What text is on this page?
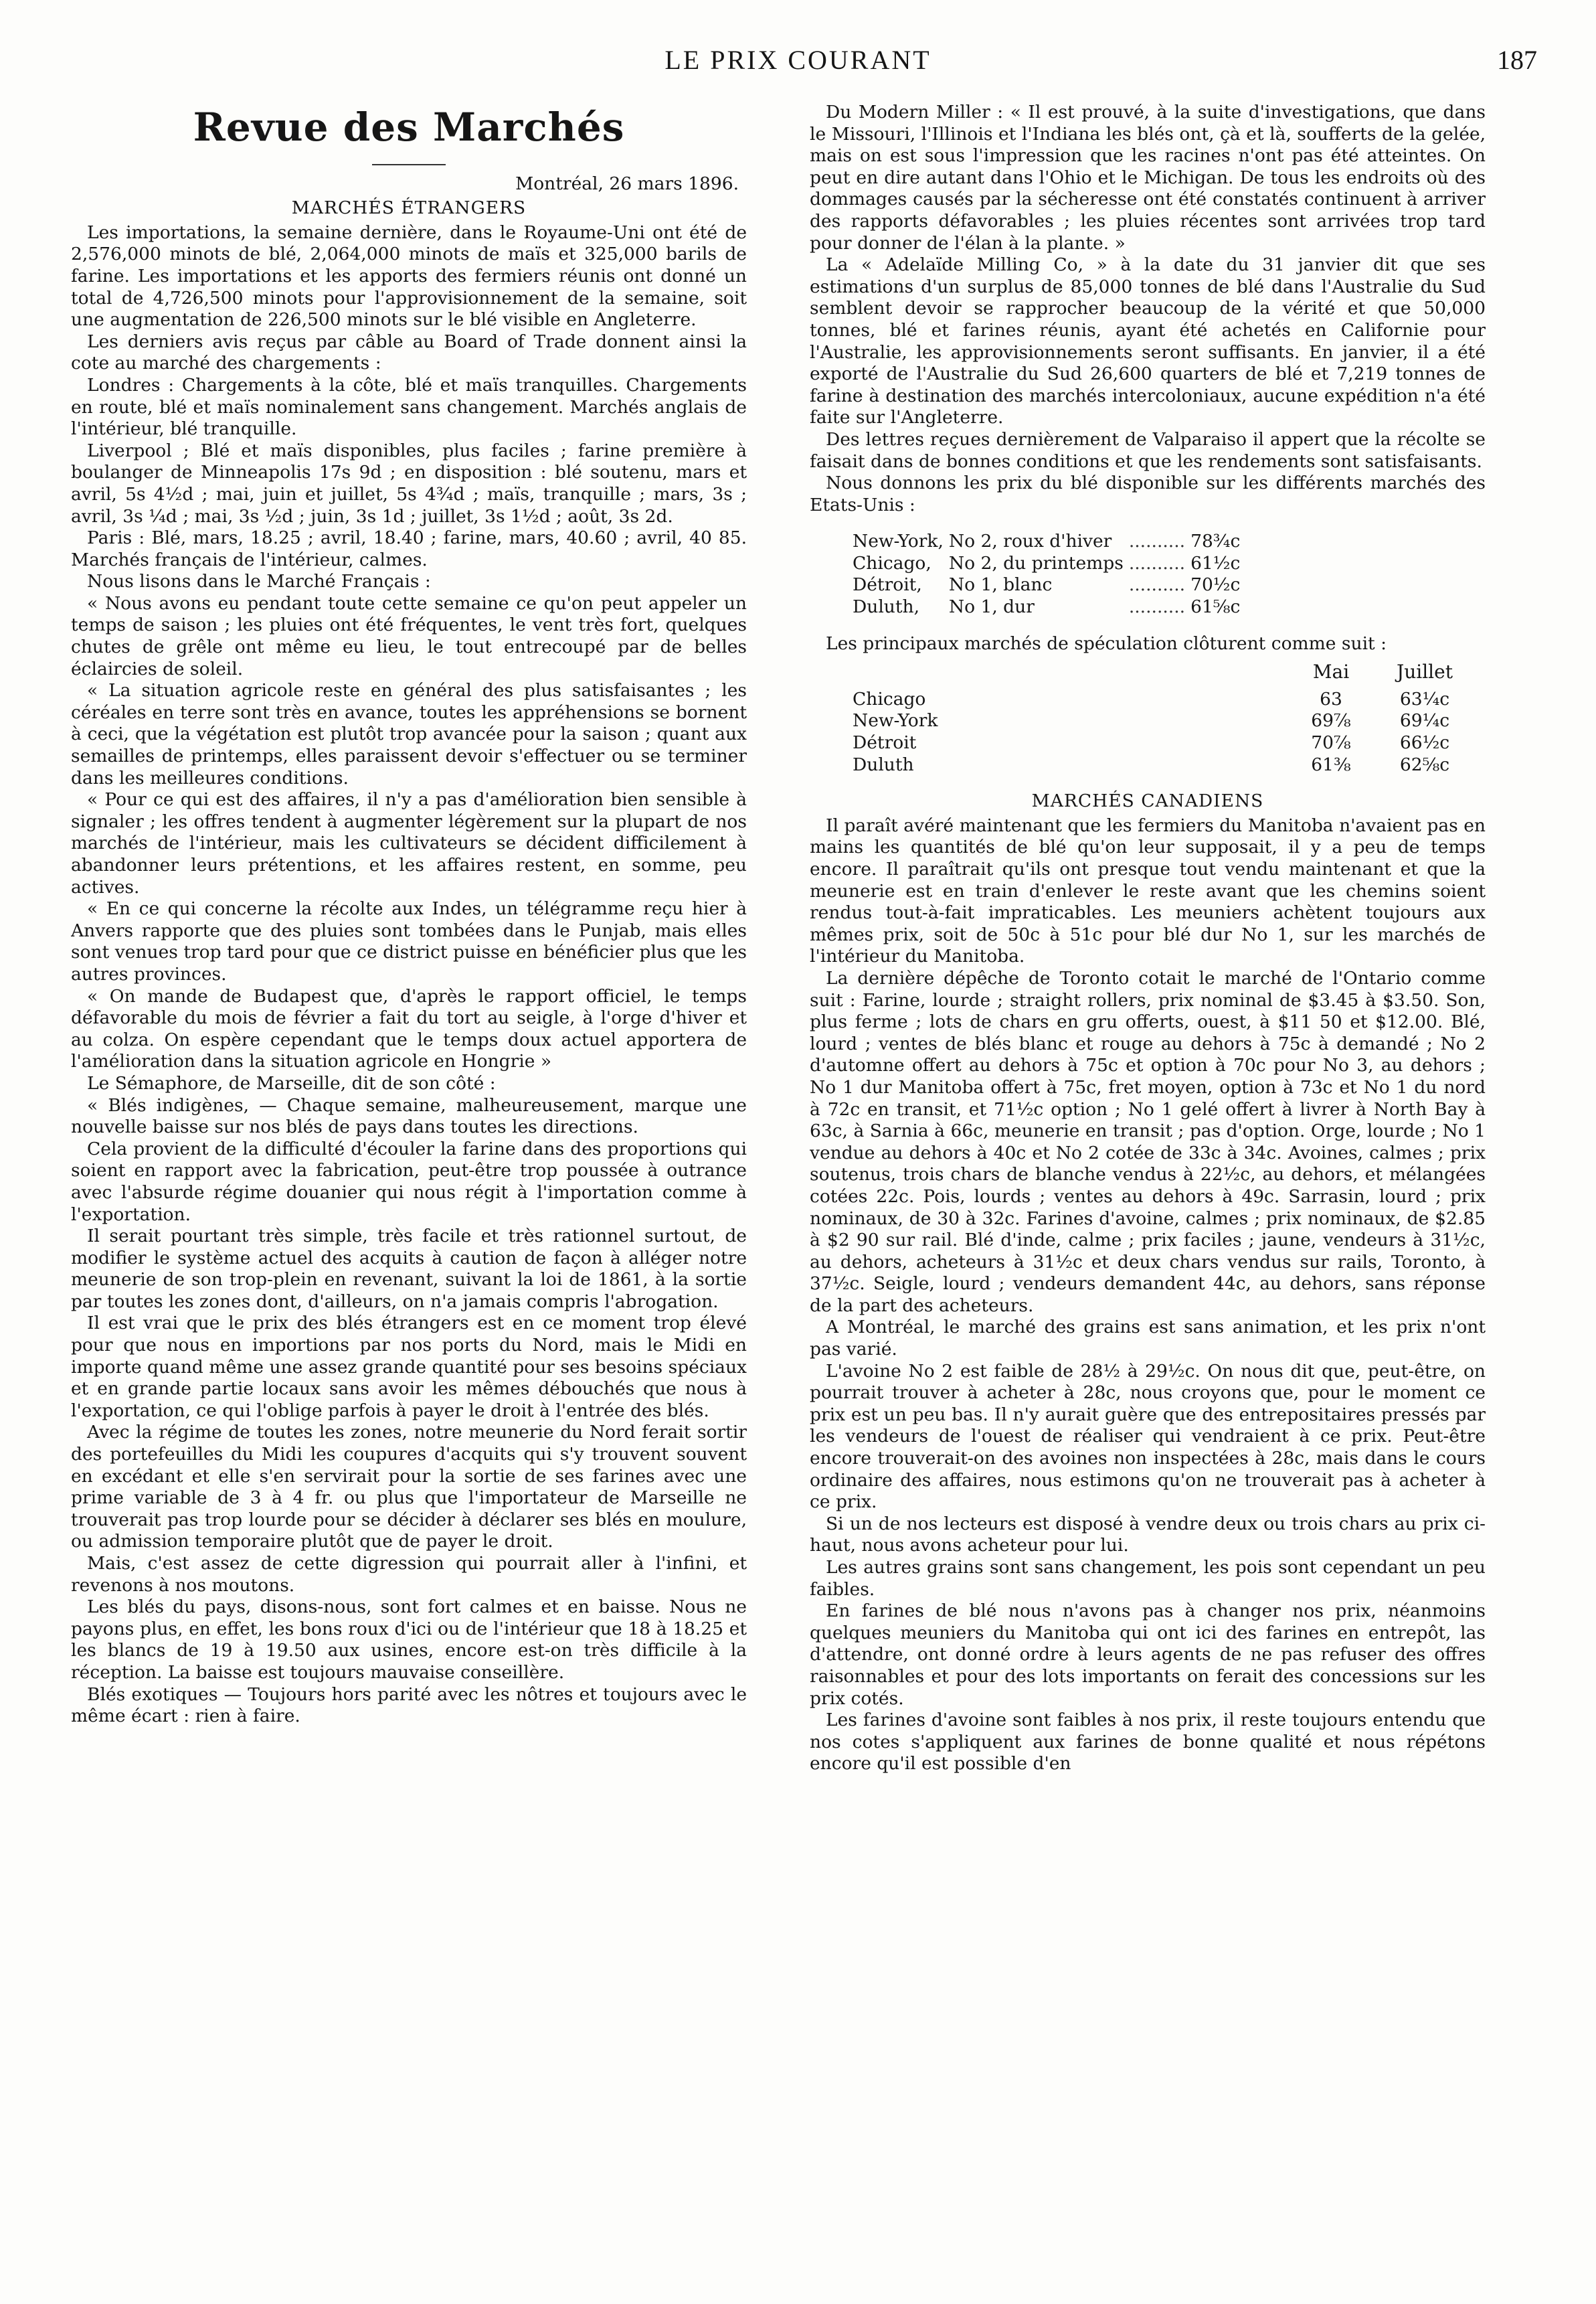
LE PRIX COURANT	187
Revue des Marchés
Montréal, 26 mars 1896.
MARCHÉS ÉTRANGERS

Les importations, la semaine dernière, dans le Royaume-Uni ont été de 2,576,000 minots de blé, 2,064,000 minots de maïs et 325,000 barils de farine. Les importations et les apports des fermiers réunis ont donné un total de 4,726,500 minots pour l'approvisionnement de la semaine, soit une augmentation de 226,500 minots sur le blé visible en Angleterre.

Les derniers avis reçus par câble au Board of Trade donnent ainsi la cote au marché des chargements :

Londres : Chargements à la côte, blé et maïs tranquilles. Chargements en route, blé et maïs nominalement sans changement. Marchés anglais de l'intérieur, blé tranquille.

Liverpool ; Blé et maïs disponibles, plus faciles ; farine première à boulanger de Minneapolis 17s 9d ; en disposition : blé soutenu, mars et avril, 5s 4½d ; mai, juin et juillet, 5s 4¾d ; maïs, tranquille ; mars, 3s ; avril, 3s ¼d ; mai, 3s ½d ; juin, 3s 1d ; juillet, 3s 1½d ; août, 3s 2d.

Paris : Blé, mars, 18.25 ; avril, 18.40 ; farine, mars, 40.60 ; avril, 40 85. Marchés français de l'intérieur, calmes.

Nous lisons dans le Marché Français :

« Nous avons eu pendant toute cette semaine ce qu'on peut appeler un temps de saison ; les pluies ont été fréquentes, le vent très fort, quelques chutes de grêle ont même eu lieu, le tout entrecoupé par de belles éclaircies de soleil.

« La situation agricole reste en général des plus satisfaisantes ; les céréales en terre sont très en avance, toutes les appréhensions se bornent à ceci, que la végétation est plutôt trop avancée pour la saison ; quant aux semailles de printemps, elles paraissent devoir s'effectuer ou se terminer dans les meilleures conditions.

« Pour ce qui est des affaires, il n'y a pas d'amélioration bien sensible à signaler ; les offres tendent à augmenter légèrement sur la plupart de nos marchés de l'intérieur, mais les cultivateurs se décident difficilement à abandonner leurs prétentions, et les affaires restent, en somme, peu actives.

« En ce qui concerne la récolte aux Indes, un télégramme reçu hier à Anvers rapporte que des pluies sont tombées dans le Punjab, mais elles sont venues trop tard pour que ce district puisse en bénéficier plus que les autres provinces.

« On mande de Budapest que, d'après le rapport officiel, le temps défavorable du mois de février a fait du tort au seigle, à l'orge d'hiver et au colza. On espère cependant que le temps doux actuel apportera de l'amélioration dans la situation agricole en Hongrie »

Le Sémaphore, de Marseille, dit de son côté :

« Blés indigènes, — Chaque semaine, malheureusement, marque une nouvelle baisse sur nos blés de pays dans toutes les directions.

Cela provient de la difficulté d'écouler la farine dans des proportions qui soient en rapport avec la fabrication, peut-être trop poussée à outrance avec l'absurde régime douanier qui nous régit à l'importation comme à l'exportation.

Il serait pourtant très simple, très facile et très rationnel surtout, de modifier le système actuel des acquits à caution de façon à alléger notre meunerie de son trop-plein en revenant, suivant la loi de 1861, à la sortie par toutes les zones dont, d'ailleurs, on n'a jamais compris l'abrogation.

Il est vrai que le prix des blés étrangers est en ce moment trop élevé pour que nous en importions par nos ports du Nord, mais le Midi en importe quand même une assez grande quantité pour ses besoins spéciaux et en grande partie locaux sans avoir les mêmes débouchés que nous à l'exportation, ce qui l'oblige parfois à payer le droit à l'entrée des blés.

Avec la régime de toutes les zones, notre meunerie du Nord ferait sortir des portefeuilles du Midi les coupures d'acquits qui s'y trouvent souvent en excédant et elle s'en servirait pour la sortie de ses farines avec une prime variable de 3 à 4 fr. ou plus que l'importateur de Marseille ne trouverait pas trop lourde pour se décider à déclarer ses blés en moulure, ou admission temporaire plutôt que de payer le droit.

Mais, c'est assez de cette digression qui pourrait aller à l'infini, et revenons à nos moutons.

Les blés du pays, disons-nous, sont fort calmes et en baisse. Nous ne payons plus, en effet, les bons roux d'ici ou de l'intérieur que 18 à 18.25 et les blancs de 19 à 19.50 aux usines, encore est-on très difficile à la réception. La baisse est toujours mauvaise conseillère.

Blés exotiques — Toujours hors parité avec les nôtres et toujours avec le même écart : rien à faire.

Du Modern Miller : « Il est prouvé, à la suite d'investigations, que dans le Missouri, l'Illinois et l'Indiana les blés ont, çà et là, soufferts de la gelée, mais on est sous l'impression que les racines n'ont pas été atteintes. On peut en dire autant dans l'Ohio et le Michigan. De tous les endroits où des dommages causés par la sécheresse ont été constatés continuent à arriver des rapports défavorables ; les pluies récentes sont arrivées trop tard pour donner de l'élan à la plante. »

La « Adelaïde Milling Co, » à la date du 31 janvier dit que ses estimations d'un surplus de 85,000 tonnes de blé dans l'Australie du Sud semblent devoir se rapprocher beaucoup de la vérité et que 50,000 tonnes, blé et farines réunis, ayant été achetés en Californie pour l'Australie, les approvisionnements seront suffisants. En janvier, il a été exporté de l'Australie du Sud 26,600 quarters de blé et 7,219 tonnes de farine à destination des marchés intercoloniaux, aucune expédition n'a été faite sur l'Angleterre.

Des lettres reçues dernièrement de Valparaiso il appert que la récolte se faisait dans de bonnes conditions et que les rendements sont satisfaisants.

Nous donnons les prix du blé disponible sur les différents marchés des Etats-Unis :

New-York,	No 2, roux d'hiver	..........	78¾c
Chicago,	No 2, du printemps	..........	61½c
Détroit,	No 1, blanc	..........	70½c
Duluth,	No 1, dur	..........	61⅝c

Les principaux marchés de spéculation clôturent comme suit :

	Mai	Juillet
Chicago	63	63¼c
New-York	69⅞	69¼c
Détroit	70⅞	66½c
Duluth	61⅜	62⅝c
MARCHÉS CANADIENS

Il paraît avéré maintenant que les fermiers du Manitoba n'avaient pas en mains les quantités de blé qu'on leur supposait, il y a peu de temps encore. Il paraîtrait qu'ils ont presque tout vendu maintenant et que la meunerie est en train d'enlever le reste avant que les chemins soient rendus tout-à-fait impraticables. Les meuniers achètent toujours aux mêmes prix, soit de 50c à 51c pour blé dur No 1, sur les marchés de l'intérieur du Manitoba.

La dernière dépêche de Toronto cotait le marché de l'Ontario comme suit : Farine, lourde ; straight rollers, prix nominal de $3.45 à $3.50. Son, plus ferme ; lots de chars en gru offerts, ouest, à $11 50 et $12.00. Blé, lourd ; ventes de blés blanc et rouge au dehors à 75c à demandé ; No 2 d'automne offert au dehors à 75c et option à 70c pour No 3, au dehors ; No 1 dur Manitoba offert à 75c, fret moyen, option à 73c et No 1 du nord à 72c en transit, et 71½c option ; No 1 gelé offert à livrer à North Bay à 63c, à Sarnia à 66c, meunerie en transit ; pas d'option. Orge, lourde ; No 1 vendue au dehors à 40c et No 2 cotée de 33c à 34c. Avoines, calmes ; prix soutenus, trois chars de blanche vendus à 22½c, au dehors, et mélangées cotées 22c. Pois, lourds ; ventes au dehors à 49c. Sarrasin, lourd ; prix nominaux, de 30 à 32c. Farines d'avoine, calmes ; prix nominaux, de $2.85 à $2 90 sur rail. Blé d'inde, calme ; prix faciles ; jaune, vendeurs à 31½c, au dehors, acheteurs à 31½c et deux chars vendus sur rails, Toronto, à 37½c. Seigle, lourd ; vendeurs demandent 44c, au dehors, sans réponse de la part des acheteurs.

A Montréal, le marché des grains est sans animation, et les prix n'ont pas varié.

L'avoine No 2 est faible de 28½ à 29½c. On nous dit que, peut-être, on pourrait trouver à acheter à 28c, nous croyons que, pour le moment ce prix est un peu bas. Il n'y aurait guère que des entrepositaires pressés par les vendeurs de l'ouest de réaliser qui vendraient à ce prix. Peut-être encore trouverait-on des avoines non inspectées à 28c, mais dans le cours ordinaire des affaires, nous estimons qu'on ne trouverait pas à acheter à ce prix.

Si un de nos lecteurs est disposé à vendre deux ou trois chars au prix ci-haut, nous avons acheteur pour lui.

Les autres grains sont sans changement, les pois sont cependant un peu faibles.

En farines de blé nous n'avons pas à changer nos prix, néanmoins quelques meuniers du Manitoba qui ont ici des farines en entrepôt, las d'attendre, ont donné ordre à leurs agents de ne pas refuser des offres raisonnables et pour des lots importants on ferait des concessions sur les prix cotés.

Les farines d'avoine sont faibles à nos prix, il reste toujours entendu que nos cotes s'appliquent aux farines de bonne qualité et nous répétons encore qu'il est possible d'en
